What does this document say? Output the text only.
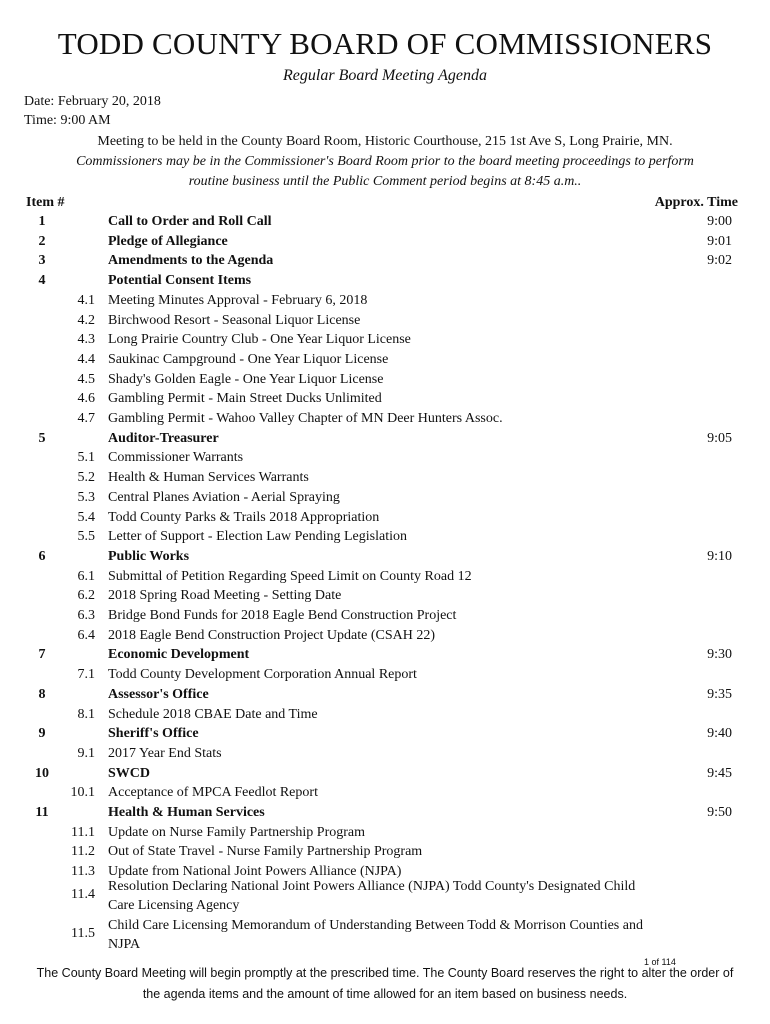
TODD COUNTY BOARD OF COMMISSIONERS
Regular Board Meeting Agenda
Date: February 20, 2018
Time: 9:00 AM
Meeting to be held in the County Board Room, Historic Courthouse, 215 1st Ave S, Long Prairie, MN.
Commissioners may be in the Commissioner's Board Room prior to the board meeting proceedings to perform
routine business until the Public Comment period begins at 8:45 a.m..
Item #	Approx. Time
1	Call to Order and Roll Call	9:00
2	Pledge of Allegiance	9:01
3	Amendments to the Agenda	9:02
4	Potential Consent Items
4.1 Meeting Minutes Approval - February 6, 2018
4.2 Birchwood Resort - Seasonal Liquor License
4.3 Long Prairie Country Club - One Year Liquor License
4.4 Saukinac Campground - One Year Liquor License
4.5 Shady's Golden Eagle - One Year Liquor License
4.6 Gambling Permit - Main Street Ducks Unlimited
4.7 Gambling Permit - Wahoo Valley Chapter of MN Deer Hunters Assoc.
5	Auditor-Treasurer	9:05
5.1 Commissioner Warrants
5.2 Health & Human Services Warrants
5.3 Central Planes Aviation - Aerial Spraying
5.4 Todd County Parks & Trails 2018 Appropriation
5.5 Letter of Support - Election Law Pending Legislation
6	Public Works	9:10
6.1 Submittal of Petition Regarding Speed Limit on County Road 12
6.2 2018 Spring Road Meeting - Setting Date
6.3 Bridge Bond Funds for 2018 Eagle Bend Construction Project
6.4 2018 Eagle Bend Construction Project Update (CSAH 22)
7	Economic Development	9:30
7.1 Todd County Development Corporation Annual Report
8	Assessor's Office	9:35
8.1 Schedule 2018 CBAE Date and Time
9	Sheriff's Office	9:40
9.1 2017 Year End Stats
10	SWCD	9:45
10.1 Acceptance of MPCA Feedlot Report
11	Health & Human Services	9:50
11.1 Update on Nurse Family Partnership Program
11.2 Out of State Travel - Nurse Family Partnership Program
11.3 Update from National Joint Powers Alliance (NJPA)
11.4
Resolution Declaring National Joint Powers Alliance (NJPA) Todd County's Designated Child
Care Licensing Agency
11.5
Child Care Licensing Memorandum of Understanding Between Todd & Morrison Counties and
NJPA
1 of 114
The County Board Meeting will begin promptly at the prescribed time. The County Board reserves the right to alter the order of
the agenda items and the amount of time allowed for an item based on business needs.
